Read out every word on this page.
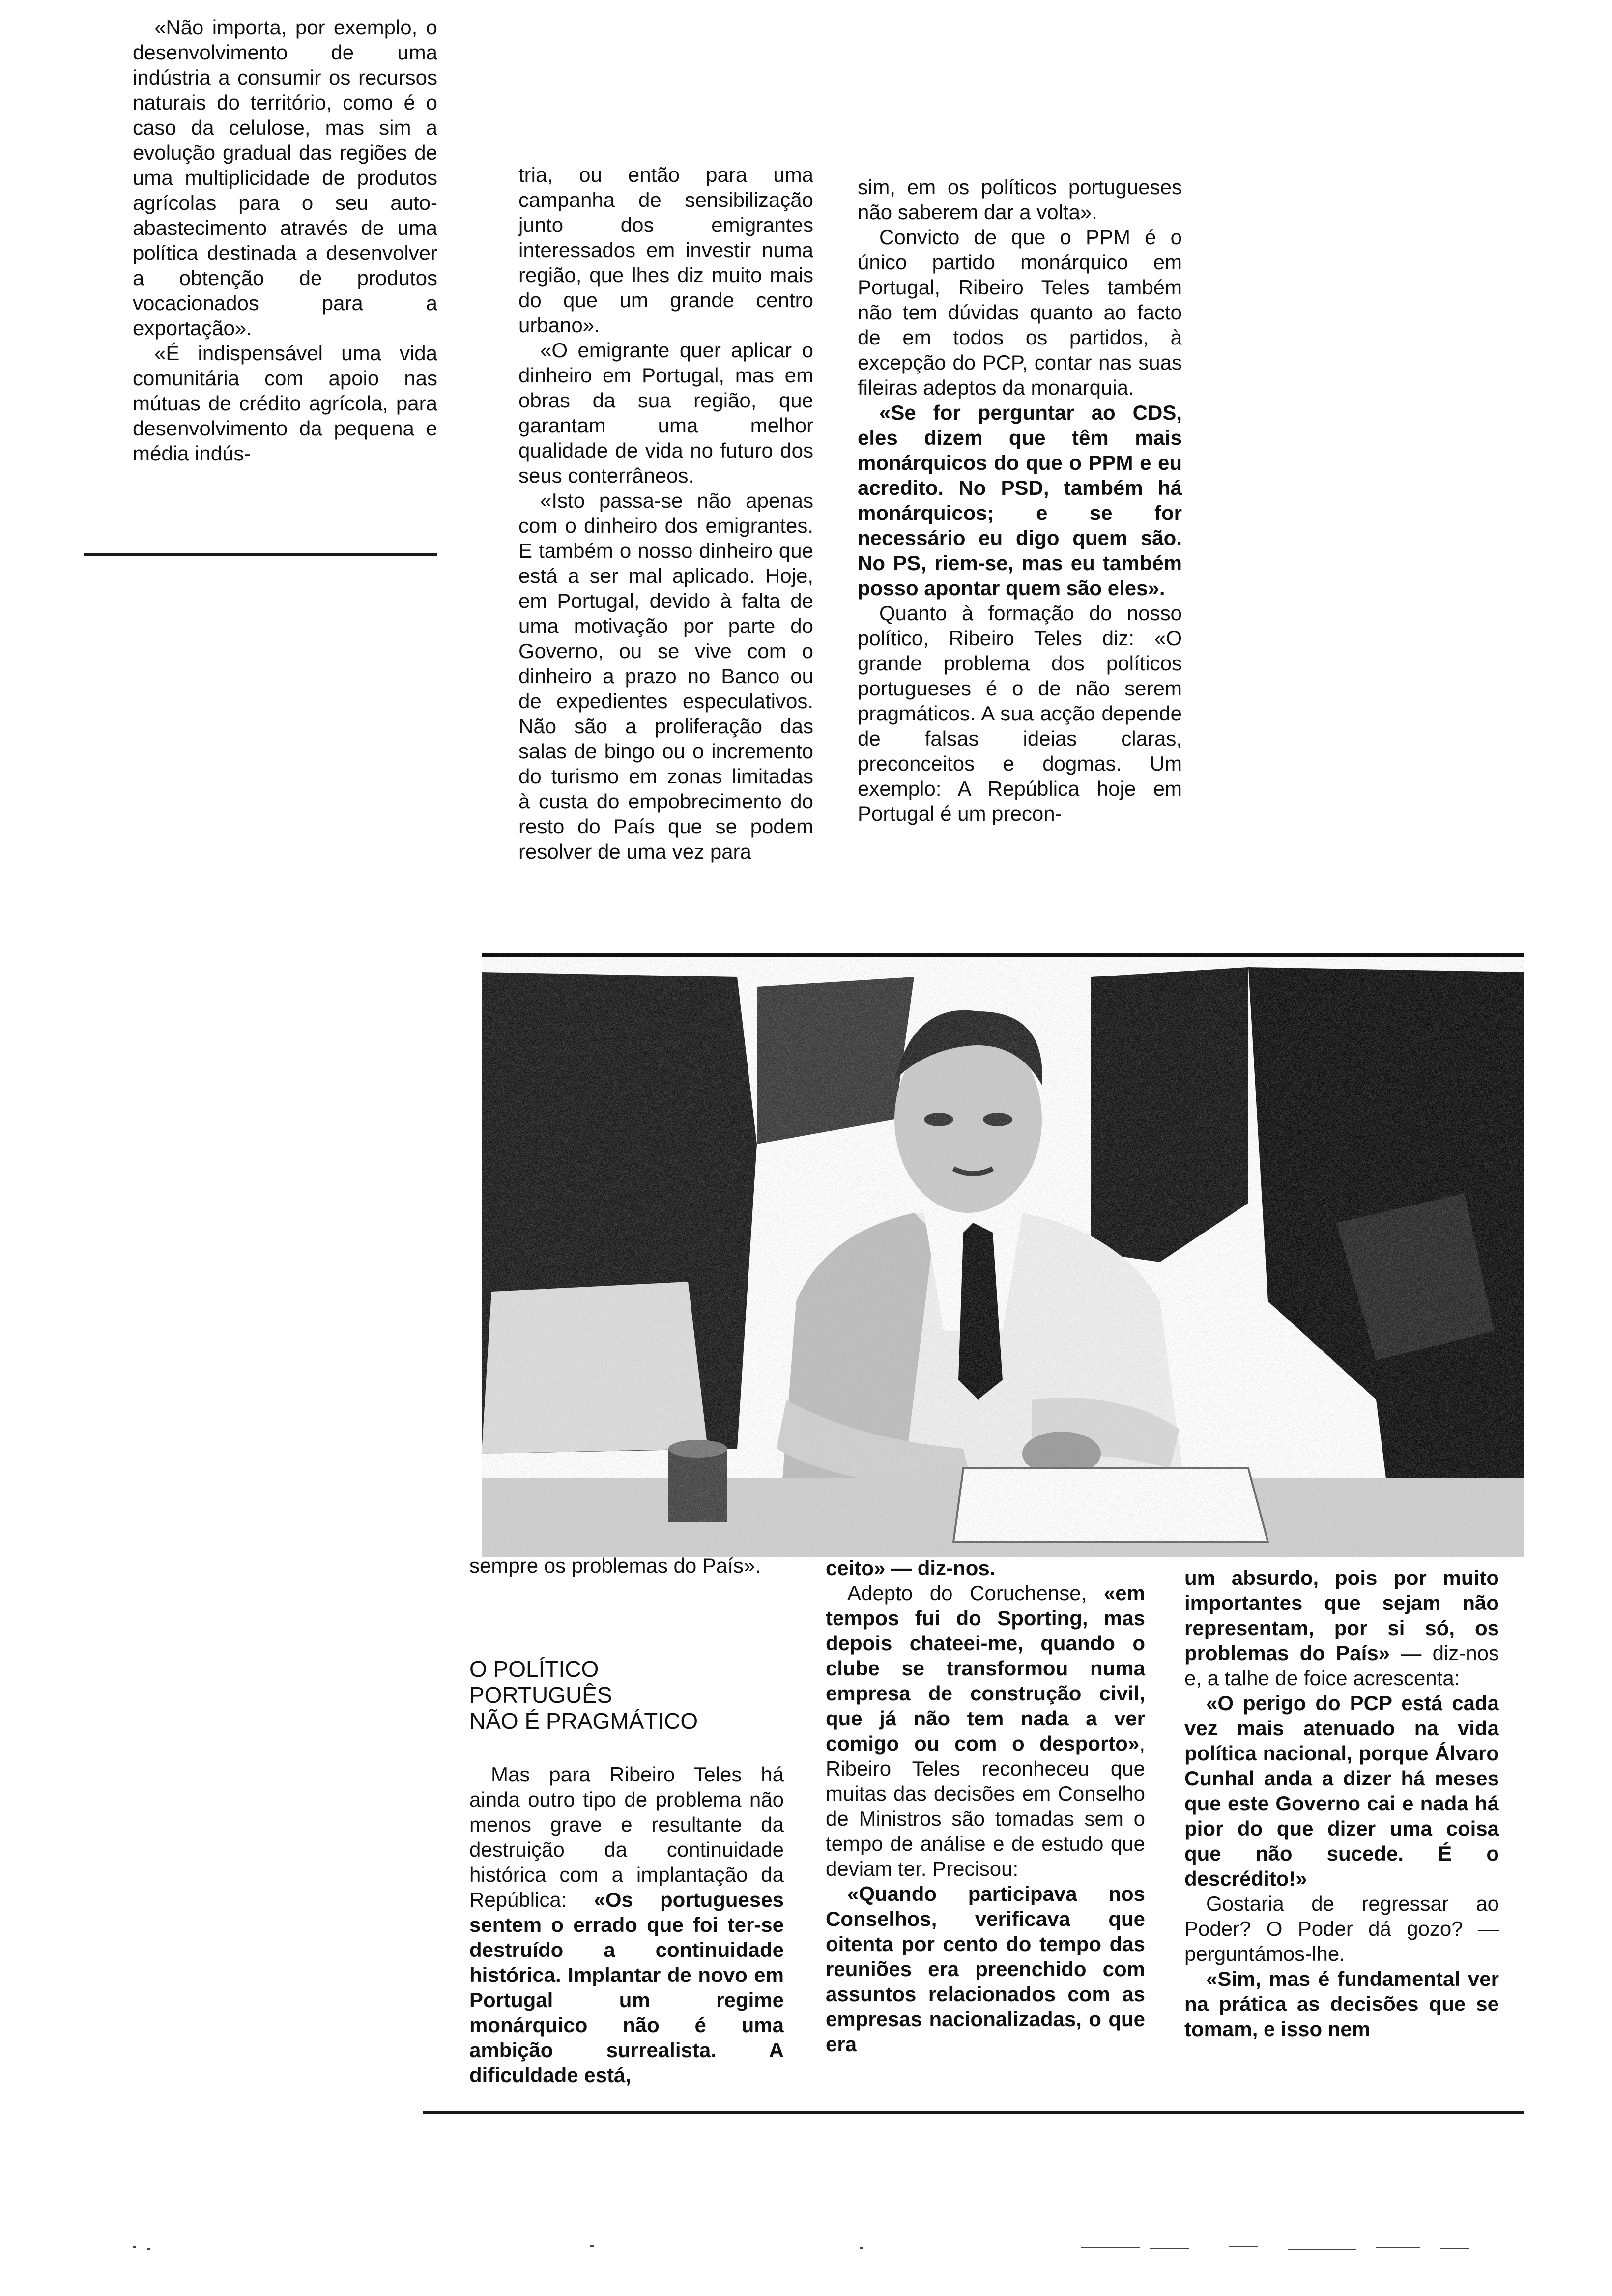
«Não importa, por exemplo, o desenvolvimento de uma indústria a consumir os recursos naturais do território, como é o caso da celulose, mas sim a evolução gradual das regiões de uma multiplicidade de produtos agrícolas para o seu auto-abastecimento através de uma política destinada a desenvolver a obtenção de produtos vocacionados para a exportação».

«É indispensável uma vida comunitária com apoio nas mútuas de crédito agrícola, para desenvolvimento da pequena e média indús-

tria, ou então para uma campanha de sensibilização junto dos emigrantes interessados em investir numa região, que lhes diz muito mais do que um grande centro urbano».

«O emigrante quer aplicar o dinheiro em Portugal, mas em obras da sua região, que garantam uma melhor qualidade de vida no futuro dos seus conterrâneos.

«Isto passa-se não apenas com o dinheiro dos emigrantes. E também o nosso dinheiro que está a ser mal aplicado. Hoje, em Portugal, devido à falta de uma motivação por parte do Governo, ou se vive com o dinheiro a prazo no Banco ou de expedientes especulativos. Não são a proliferação das salas de bingo ou o incremento do turismo em zonas limitadas à custa do empobrecimento do resto do País que se podem resolver de uma vez para

sim, em os políticos portugueses não saberem dar a volta».

Convicto de que o PPM é o único partido monárquico em Portugal, Ribeiro Teles também não tem dúvidas quanto ao facto de em todos os partidos, à excepção do PCP, contar nas suas fileiras adeptos da monarquia.

«Se for perguntar ao CDS, eles dizem que têm mais monárquicos do que o PPM e eu acredito. No PSD, também há monárquicos; e se for necessário eu digo quem são. No PS, riem-se, mas eu também posso apontar quem são eles».

Quanto à formação do nosso político, Ribeiro Teles diz: «O grande problema dos políticos portugueses é o de não serem pragmáticos. A sua acção depende de falsas ideias claras, preconceitos e dogmas. Um exemplo: A República hoje em Portugal é um precon-

sempre os problemas do País».

O POLÍTICO
PORTUGUÊS
NÃO É PRAGMÁTICO

Mas para Ribeiro Teles há ainda outro tipo de problema não menos grave e resultante da destruição da continuidade histórica com a implantação da República: «Os portugueses sentem o errado que foi ter-se destruído a continuidade histórica. Implantar de novo em Portugal um regime monárquico não é uma ambição surrealista. A dificuldade está,

ceito» — diz-nos.

Adepto do Coruchense, «em tempos fui do Sporting, mas depois chateei-me, quando o clube se transformou numa empresa de construção civil, que já não tem nada a ver comigo ou com o desporto», Ribeiro Teles reconheceu que muitas das decisões em Conselho de Ministros são tomadas sem o tempo de análise e de estudo que deviam ter. Precisou:

«Quando participava nos Conselhos, verificava que oitenta por cento do tempo das reuniões era preenchido com assuntos relacionados com as empresas nacionalizadas, o que era

um absurdo, pois por muito importantes que sejam não representam, por si só, os problemas do País» — diz-nos e, a talhe de foice acrescenta:

«O perigo do PCP está cada vez mais atenuado na vida política nacional, porque Álvaro Cunhal anda a dizer há meses que este Governo cai e nada há pior do que dizer uma coisa que não sucede. É o descrédito!»

Gostaria de regressar ao Poder? O Poder dá gozo? — perguntámos-lhe.

«Sim, mas é fundamental ver na prática as decisões que se tomam, e isso nem
